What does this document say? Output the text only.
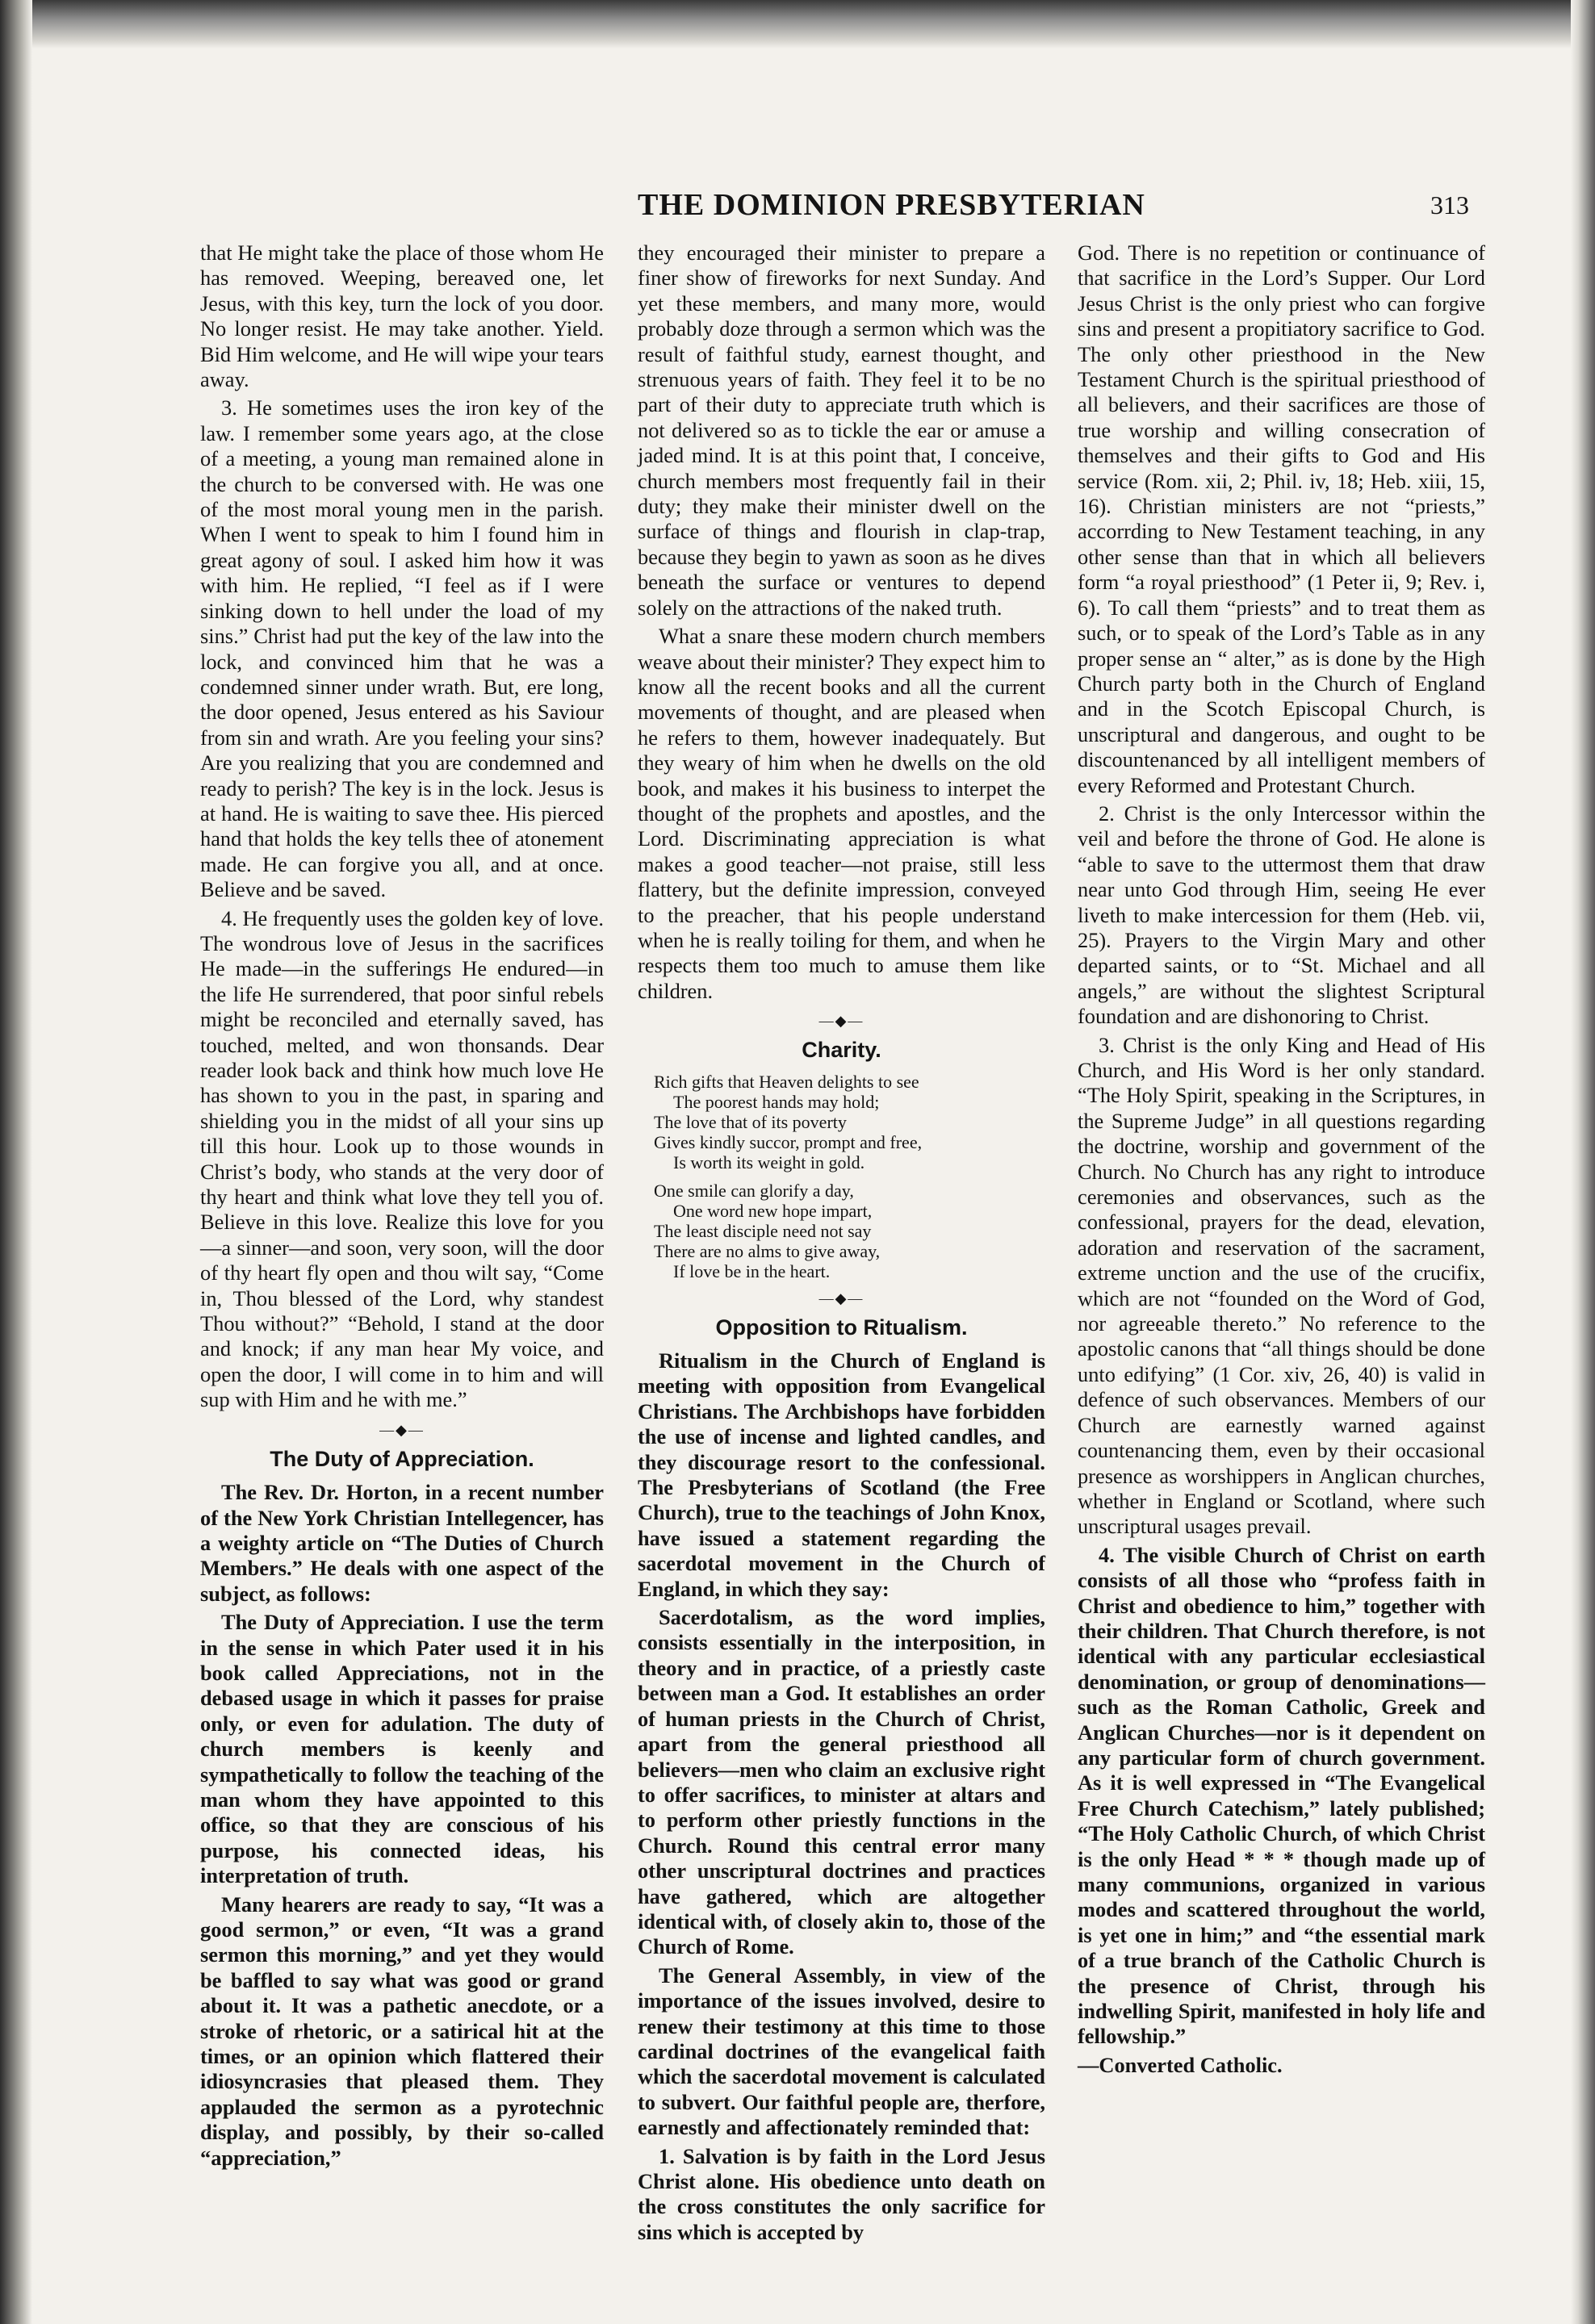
THE DOMINION PRESBYTERIAN	313

that He might take the place of those whom He has removed. Weeping, bereaved one, let Jesus, with this key, turn the lock of you door. No longer resist. He may take another. Yield. Bid Him welcome, and He will wipe your tears away.

3. He sometimes uses the iron key of the law. I remember some years ago, at the close of a meeting, a young man remained alone in the church to be conversed with. He was one of the most moral young men in the parish. When I went to speak to him I found him in great agony of soul. I asked him how it was with him. He replied, “I feel as if I were sinking down to hell under the load of my sins.” Christ had put the key of the law into the lock, and convinced him that he was a condemned sinner under wrath. But, ere long, the door opened, Jesus entered as his Saviour from sin and wrath. Are you feeling your sins? Are you realizing that you are condemned and ready to perish? The key is in the lock. Jesus is at hand. He is waiting to save thee. His pierced hand that holds the key tells thee of atonement made. He can forgive you all, and at once. Believe and be saved.

4. He frequently uses the golden key of love. The wondrous love of Jesus in the sacrifices He made—in the sufferings He endured—in the life He surrendered, that poor sinful rebels might be reconciled and eternally saved, has touched, melted, and won thonsands. Dear reader look back and think how much love He has shown to you in the past, in sparing and shielding you in the midst of all your sins up till this hour. Look up to those wounds in Christ’s body, who stands at the very door of thy heart and think what love they tell you of. Believe in this love. Realize this love for you—a sinner—and soon, very soon, will the door of thy heart fly open and thou wilt say, “Come in, Thou blessed of the Lord, why standest Thou without?” “Behold, I stand at the door and knock; if any man hear My voice, and open the door, I will come in to him and will sup with Him and he with me.”

—◆—
The Duty of Appreciation.

The Rev. Dr. Horton, in a recent number of the New York Christian Intellegencer, has a weighty article on “The Duties of Church Members.” He deals with one aspect of the subject, as follows:

The Duty of Appreciation. I use the term in the sense in which Pater used it in his book called Appreciations, not in the debased usage in which it passes for praise only, or even for adulation. The duty of church members is keenly and sympathetically to follow the teaching of the man whom they have appointed to this office, so that they are conscious of his purpose, his connected ideas, his interpretation of truth.

Many hearers are ready to say, “It was a good sermon,” or even, “It was a grand sermon this morning,” and yet they would be baffled to say what was good or grand about it. It was a pathetic anecdote, or a stroke of rhetoric, or a satirical hit at the times, or an opinion which flattered their idiosyncrasies that pleased them. They applauded the sermon as a pyrotechnic display, and possibly, by their so-called “appreciation,”

they encouraged their minister to prepare a finer show of fireworks for next Sunday. And yet these members, and many more, would probably doze through a sermon which was the result of faithful study, earnest thought, and strenuous years of faith. They feel it to be no part of their duty to appreciate truth which is not delivered so as to tickle the ear or amuse a jaded mind. It is at this point that, I conceive, church members most frequently fail in their duty; they make their minister dwell on the surface of things and flourish in clap-trap, because they begin to yawn as soon as he dives beneath the surface or ventures to depend solely on the attractions of the naked truth.

What a snare these modern church members weave about their minister? They expect him to know all the recent books and all the current movements of thought, and are pleased when he refers to them, however inadequately. But they weary of him when he dwells on the old book, and makes it his business to interpet the thought of the prophets and apostles, and the Lord. Discriminating appreciation is what makes a good teacher—not praise, still less flattery, but the definite impression, conveyed to the preacher, that his people understand when he is really toiling for them, and when he respects them too much to amuse them like children.

—◆—
Charity.
Rich gifts that Heaven delights to see
The poorest hands may hold;
The love that of its poverty
Gives kindly succor, prompt and free,
Is worth its weight in gold.
One smile can glorify a day,
One word new hope impart,
The least disciple need not say
There are no alms to give away,
If love be in the heart.
—◆—
Opposition to Ritualism.

Ritualism in the Church of England is meeting with opposition from Evangelical Christians. The Archbishops have forbidden the use of incense and lighted candles, and they discourage resort to the confessional. The Presbyterians of Scotland (the Free Church), true to the teachings of John Knox, have issued a statement regarding the sacerdotal movement in the Church of England, in which they say:

Sacerdotalism, as the word implies, consists essentially in the interposition, in theory and in practice, of a priestly caste between man a God. It establishes an order of human priests in the Church of Christ, apart from the general priesthood all believers—men who claim an exclusive right to offer sacrifices, to minister at altars and to perform other priestly functions in the Church. Round this central error many other unscriptural doctrines and practices have gathered, which are altogether identical with, of closely akin to, those of the Church of Rome.

The General Assembly, in view of the importance of the issues involved, desire to renew their testimony at this time to those cardinal doctrines of the evangelical faith which the sacerdotal movement is calculated to subvert. Our faithful people are, therfore, earnestly and affectionately reminded that:

1. Salvation is by faith in the Lord Jesus Christ alone. His obedience unto death on the cross constitutes the only sacrifice for sins which is accepted by

God. There is no repetition or continuance of that sacrifice in the Lord’s Supper. Our Lord Jesus Christ is the only priest who can forgive sins and present a propitiatory sacrifice to God. The only other priesthood in the New Testament Church is the spiritual priesthood of all believers, and their sacrifices are those of true worship and willing consecration of themselves and their gifts to God and His service (Rom. xii, 2; Phil. iv, 18; Heb. xiii, 15, 16). Christian ministers are not “priests,” accorrding to New Testament teaching, in any other sense than that in which all believers form “a royal priesthood” (1 Peter ii, 9; Rev. i, 6). To call them “priests” and to treat them as such, or to speak of the Lord’s Table as in any proper sense an “ alter,” as is done by the High Church party both in the Church of England and in the Scotch Episcopal Church, is unscriptural and dangerous, and ought to be discountenanced by all intelligent members of every Reformed and Protestant Church.

2. Christ is the only Intercessor within the veil and before the throne of God. He alone is “able to save to the uttermost them that draw near unto God through Him, seeing He ever liveth to make intercession for them (Heb. vii, 25). Prayers to the Virgin Mary and other departed saints, or to “St. Michael and all angels,” are without the slightest Scriptural foundation and are dishonoring to Christ.

3. Christ is the only King and Head of His Church, and His Word is her only standard. “The Holy Spirit, speaking in the Scriptures, in the Supreme Judge” in all questions regarding the doctrine, worship and government of the Church. No Church has any right to introduce ceremonies and observances, such as the confessional, prayers for the dead, elevation, adoration and reservation of the sacrament, extreme unction and the use of the crucifix, which are not “founded on the Word of God, nor agreeable thereto.” No reference to the apostolic canons that “all things should be done unto edifying” (1 Cor. xiv, 26, 40) is valid in defence of such observances. Members of our Church are earnestly warned against countenancing them, even by their occasional presence as worshippers in Anglican churches, whether in England or Scotland, where such unscriptural usages prevail.

4. The visible Church of Christ on earth consists of all those who “profess faith in Christ and obedience to him,” together with their children. That Church therefore, is not identical with any particular ecclesiastical denomination, or group of denominations—such as the Roman Catholic, Greek and Anglican Churches—nor is it dependent on any particular form of church government. As it is well expressed in “The Evangelical Free Church Catechism,” lately published; “The Holy Catholic Church, of which Christ is the only Head * * * though made up of many communions, organized in various modes and scattered throughout the world, is yet one in him;” and “the essential mark of a true branch of the Catholic Church is the presence of Christ, through his indwelling Spirit, manifested in holy life and fellowship.”

—Converted Catholic.
